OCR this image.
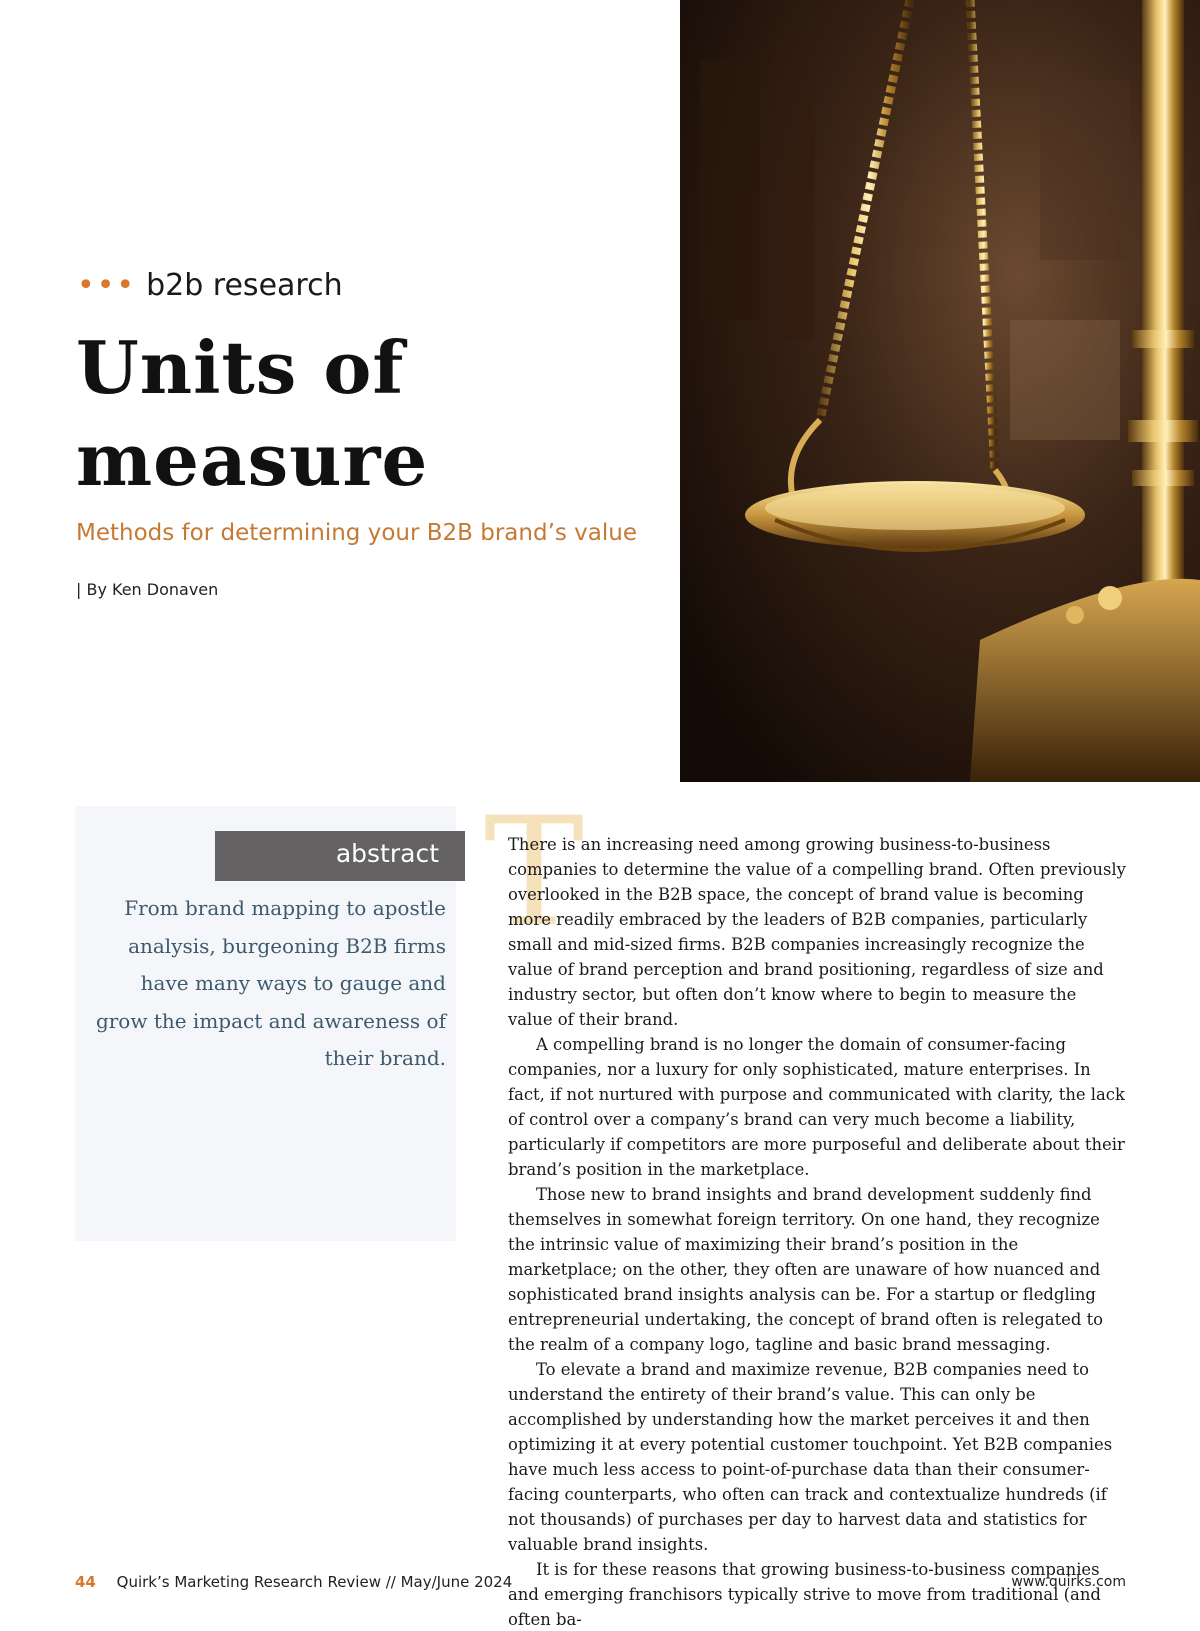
••• b2b research
Units of
measure
Methods for determining your B2B brand’s value
| By Ken Donaven
abstract
From brand mapping to apostle analysis, burgeoning B2B firms have many ways to gauge and grow the impact and awareness of their brand.
T

There is an increasing need among growing business-to-business companies to determine the value of a compelling brand. Often previously overlooked in the B2B space, the concept of brand value is becoming more readily embraced by the leaders of B2B companies, particularly small and mid-sized firms. B2B companies increasingly recognize the value of brand perception and brand positioning, regardless of size and industry sector, but often don’t know where to begin to measure the value of their brand.

A compelling brand is no longer the domain of consumer-facing companies, nor a luxury for only sophisticated, mature enterprises. In fact, if not nurtured with purpose and communicated with clarity, the lack of control over a company’s brand can very much become a liability, particularly if competitors are more purposeful and deliberate about their brand’s position in the marketplace.

Those new to brand insights and brand development suddenly find themselves in somewhat foreign territory. On one hand, they recognize the intrinsic value of maximizing their brand’s position in the marketplace; on the other, they often are unaware of how nuanced and sophisticated brand insights analysis can be. For a startup or fledgling entrepreneurial undertaking, the concept of brand often is relegated to the realm of a company logo, tagline and basic brand messaging.

To elevate a brand and maximize revenue, B2B companies need to understand the entirety of their brand’s value. This can only be accomplished by understanding how the market perceives it and then optimizing it at every potential customer touchpoint. Yet B2B companies have much less access to point-of-purchase data than their consumer-facing counterparts, who often can track and contextualize hundreds (if not thousands) of purchases per day to harvest data and statistics for valuable brand insights.

It is for these reasons that growing business-to-business companies and emerging franchisors typically strive to move from traditional (and often ba-

44 Quirk’s Marketing Research Review // May/June 2024	www.quirks.com
